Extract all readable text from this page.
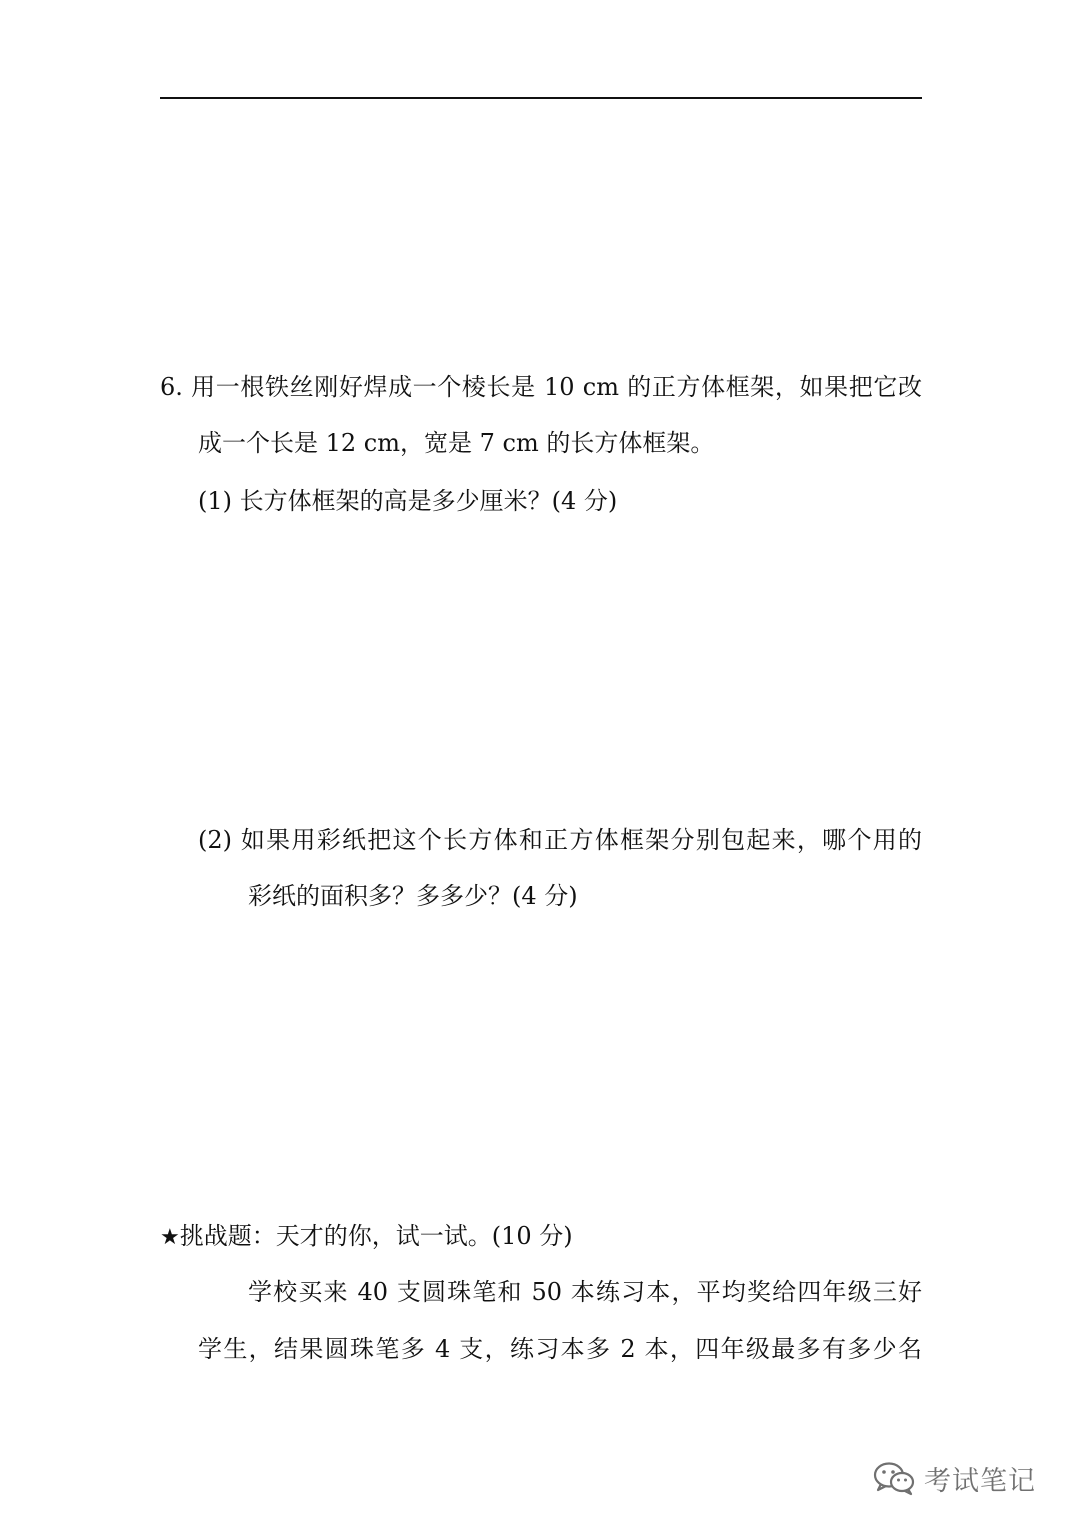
6. 用一根铁丝刚好焊成一个棱长是 10 cm 的正方体框架，如果把它改
成一个长是 12 cm，宽是 7 cm 的长方体框架。
(1) 长方体框架的高是多少厘米？(4 分)
(2) 如果用彩纸把这个长方体和正方体框架分别包起来，哪个用的
彩纸的面积多？多多少？(4 分)
★挑战题：天才的你，试一试。(10 分)
学校买来 40 支圆珠笔和 50 本练习本，平均奖给四年级三好
学生，结果圆珠笔多 4 支，练习本多 2 本，四年级最多有多少名
考试笔记
